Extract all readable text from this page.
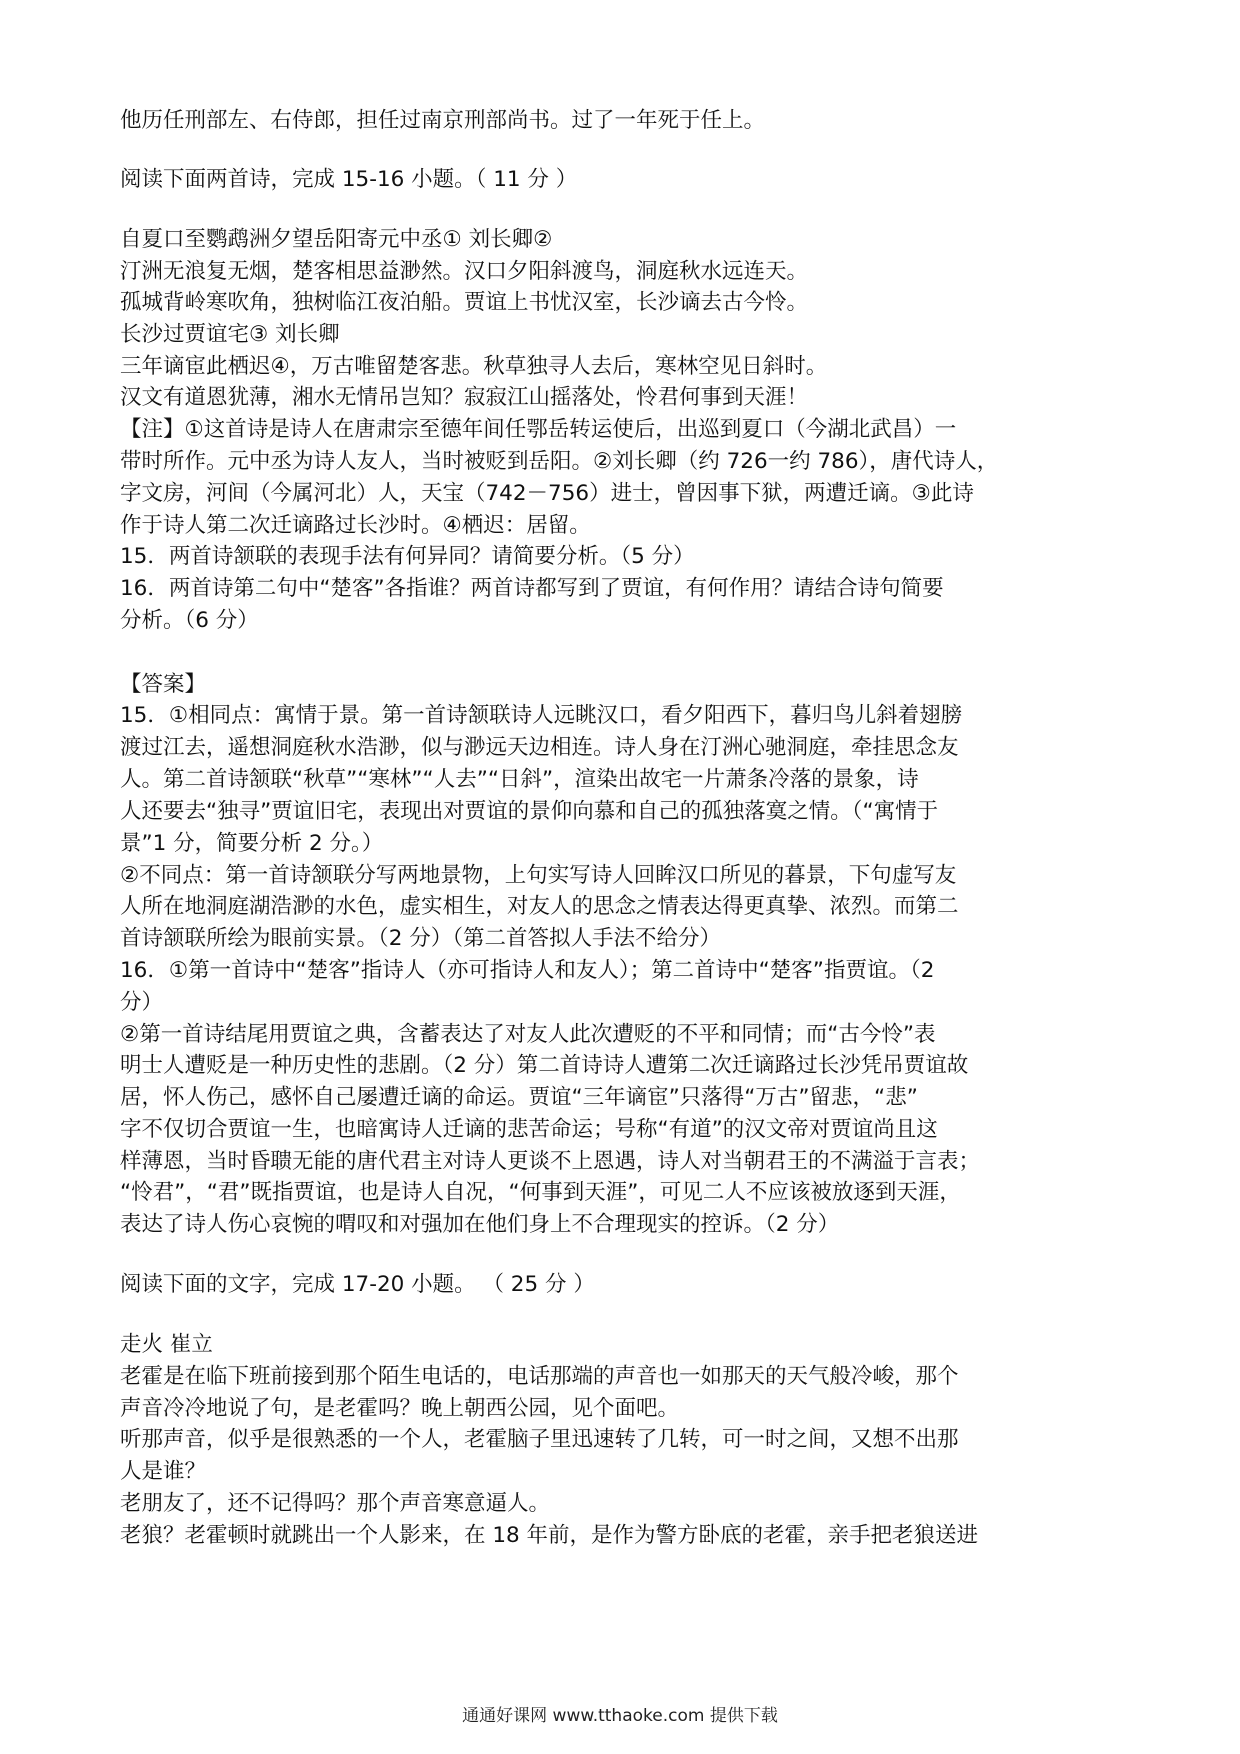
他历任刑部左、右侍郎，担任过南京刑部尚书。过了一年死于任上。
阅读下面两首诗，完成 15-16 小题。（ 11 分 ）
自夏口至鹦鹉洲夕望岳阳寄元中丞① 刘长卿②
汀洲无浪复无烟，楚客相思益渺然。汉口夕阳斜渡鸟，洞庭秋水远连天。
孤城背岭寒吹角，独树临江夜泊船。贾谊上书忧汉室，长沙谪去古今怜。
长沙过贾谊宅③ 刘长卿
三年谪宦此栖迟④，万古唯留楚客悲。秋草独寻人去后，寒林空见日斜时。
汉文有道恩犹薄，湘水无情吊岂知？寂寂江山摇落处，怜君何事到天涯！
【注】①这首诗是诗人在唐肃宗至德年间任鄂岳转运使后，出巡到夏口（今湖北武昌）一
带时所作。元中丞为诗人友人，当时被贬到岳阳。②刘长卿（约 726一约 786），唐代诗人，
字文房，河间（今属河北）人，天宝（742－756）进士，曾因事下狱，两遭迁谪。③此诗
作于诗人第二次迁谪路过长沙时。④栖迟：居留。
15．两首诗颔联的表现手法有何异同？请简要分析。（5 分）
16．两首诗第二句中“楚客”各指谁？两首诗都写到了贾谊，有何作用？请结合诗句简要
分析。（6 分）
【答案】
15．①相同点：寓情于景。第一首诗颔联诗人远眺汉口，看夕阳西下，暮归鸟儿斜着翅膀
渡过江去，遥想洞庭秋水浩渺，似与渺远天边相连。诗人身在汀洲心驰洞庭，牵挂思念友
人。第二首诗颔联“秋草”“寒林”“人去”“日斜”，渲染出故宅一片萧条冷落的景象，诗
人还要去“独寻”贾谊旧宅，表现出对贾谊的景仰向慕和自己的孤独落寞之情。（“寓情于
景”1 分，简要分析 2 分。）
②不同点：第一首诗颔联分写两地景物，上句实写诗人回眸汉口所见的暮景，下句虚写友
人所在地洞庭湖浩渺的水色，虚实相生，对友人的思念之情表达得更真挚、浓烈。而第二
首诗颔联所绘为眼前实景。（2 分）（第二首答拟人手法不给分）
16．①第一首诗中“楚客”指诗人（亦可指诗人和友人）；第二首诗中“楚客”指贾谊。（2
分）
②第一首诗结尾用贾谊之典，含蓄表达了对友人此次遭贬的不平和同情；而“古今怜”表
明士人遭贬是一种历史性的悲剧。（2 分）第二首诗诗人遭第二次迁谪路过长沙凭吊贾谊故
居，怀人伤己，感怀自己屡遭迁谪的命运。贾谊“三年谪宦”只落得“万古”留悲，“悲”
字不仅切合贾谊一生，也暗寓诗人迁谪的悲苦命运；号称“有道”的汉文帝对贾谊尚且这
样薄恩，当时昏聩无能的唐代君主对诗人更谈不上恩遇，诗人对当朝君王的不满溢于言表；
“怜君”，“君”既指贾谊，也是诗人自况，“何事到天涯”，可见二人不应该被放逐到天涯，
表达了诗人伤心哀惋的喟叹和对强加在他们身上不合理现实的控诉。（2 分）
阅读下面的文字，完成 17-20 小题。 （ 25 分 ）
走火 崔立
老霍是在临下班前接到那个陌生电话的，电话那端的声音也一如那天的天气般冷峻，那个
声音冷冷地说了句，是老霍吗？晚上朝西公园，见个面吧。
听那声音，似乎是很熟悉的一个人，老霍脑子里迅速转了几转，可一时之间，又想不出那
人是谁？
老朋友了，还不记得吗？那个声音寒意逼人。
老狼？老霍顿时就跳出一个人影来，在 18 年前，是作为警方卧底的老霍，亲手把老狼送进
通通好课网 www.tthaoke.com 提供下载
